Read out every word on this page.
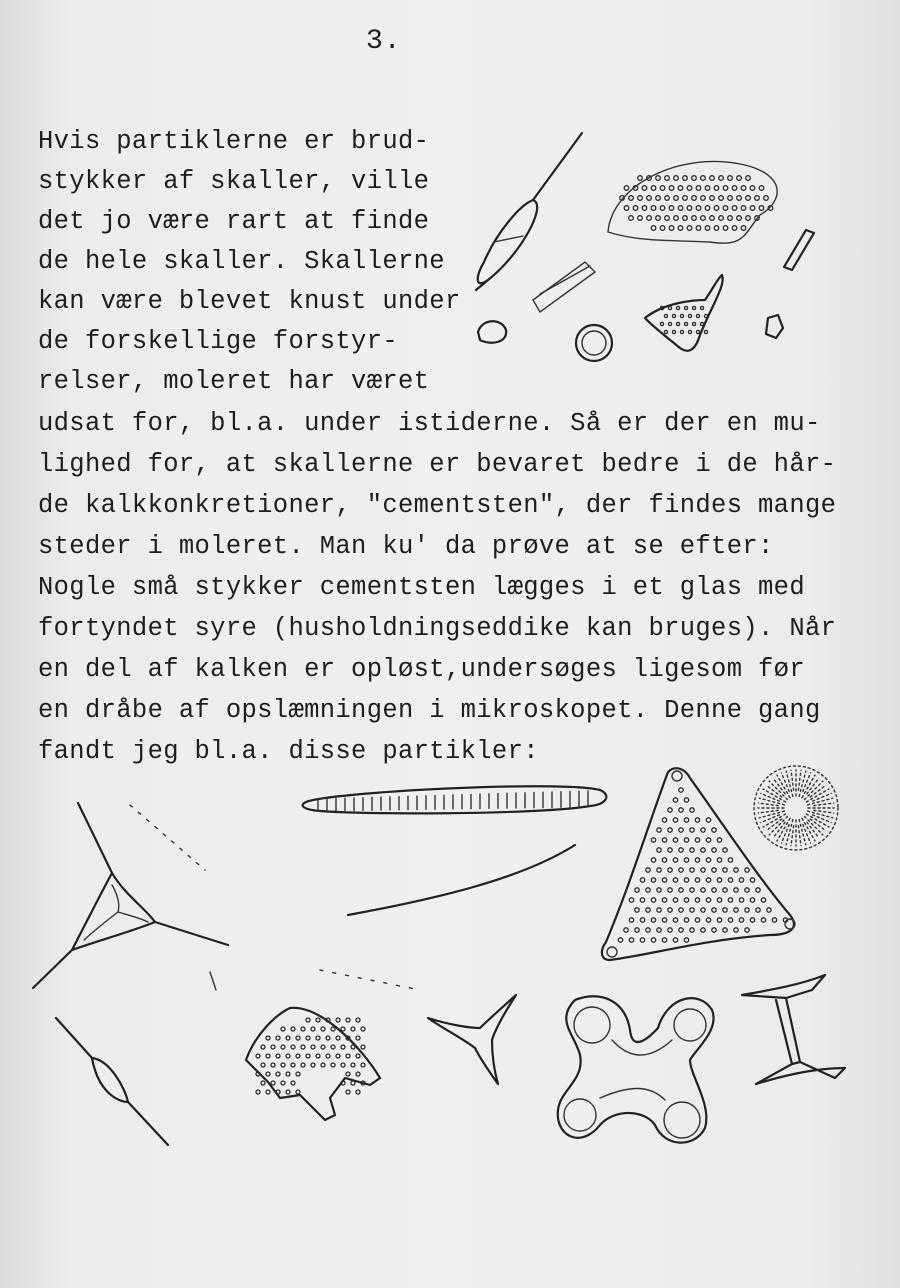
3.
Hvis partiklerne er brud-
stykker af skaller, ville
det jo være rart at finde
de hele skaller. Skallerne
kan være blevet knust under
de forskellige forstyr-
relser, moleret har været
udsat for, bl.a. under istiderne. Så er der en mu-
lighed for, at skallerne er bevaret bedre i de hår-
de kalkkonkretioner, "cementsten", der findes mange
steder i moleret. Man ku' da prøve at se efter:
Nogle små stykker cementsten lægges i et glas med
fortyndet syre (husholdningseddike kan bruges). Når
en del af kalken er opløst,undersøges ligesom før
en dråbe af opslæmningen i mikroskopet. Denne gang
fandt jeg bl.a. disse partikler:
